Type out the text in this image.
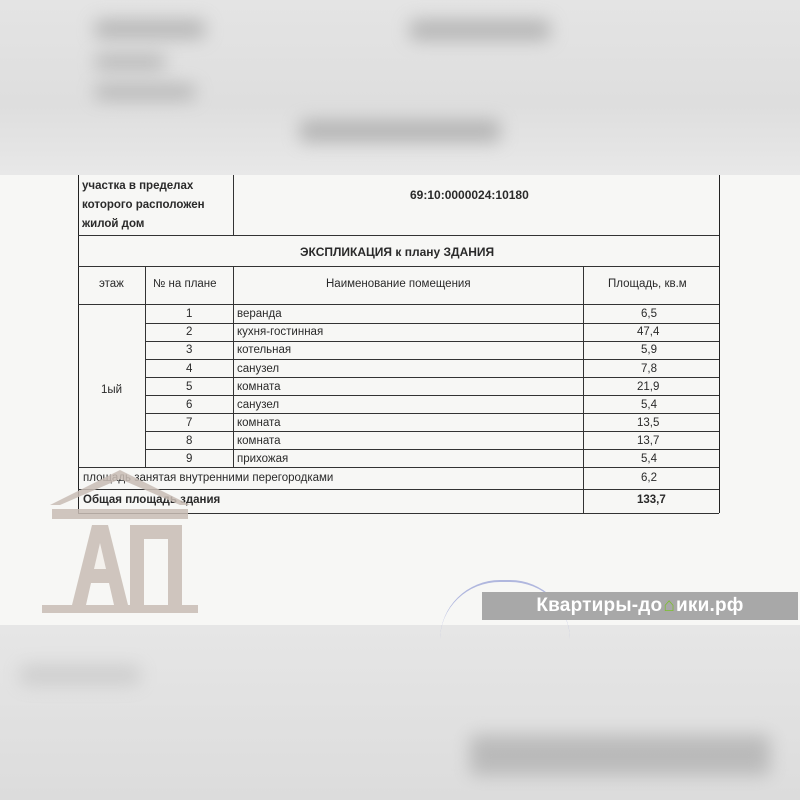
участка в пределах
которого расположен
жилой дом
69:10:0000024:10180
ЭКСПЛИКАЦИЯ к плану ЗДАНИЯ
этаж	№ на плане	Наименование помещения	Площадь, кв.м
1ый
1	веранда	6,5
2	кухня-гостинная	47,4
3	котельная	5,9
4	санузел	7,8
5	комната	21,9
6	санузел	5,4
7	комната	13,5
8	комната	13,7
9	прихожая	5,4
площадь занятая внутренними перегородками	6,2
Общая площадь здания	133,7
Квартиры-до ⌂ ики.рф
